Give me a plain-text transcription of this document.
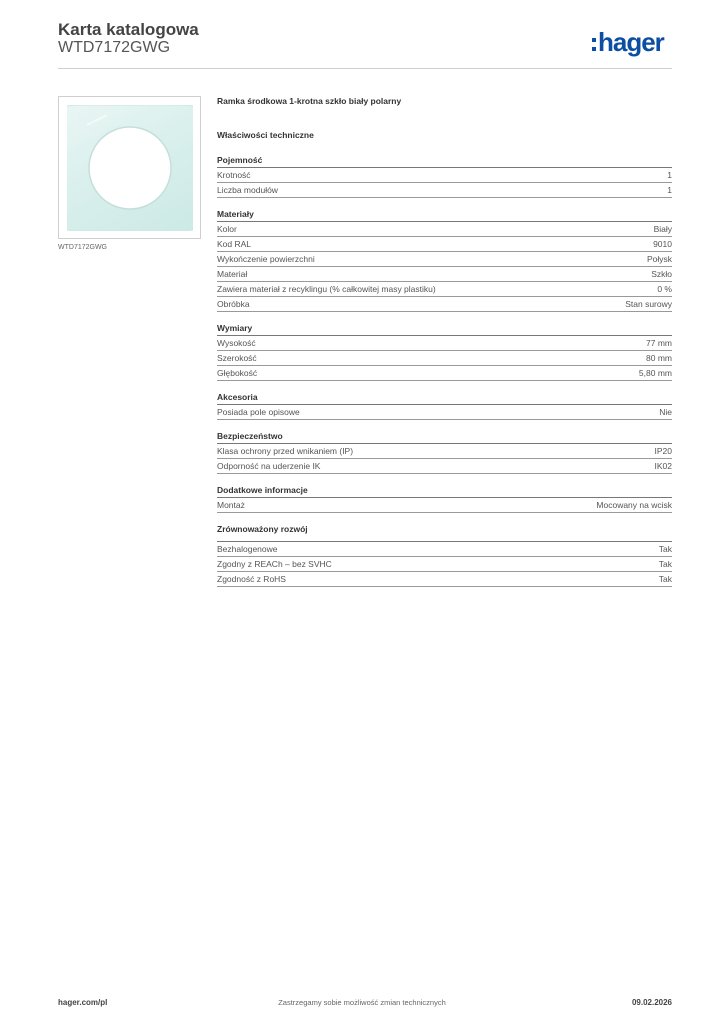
Karta katalogowa
WTD7172GWG	hager
WTD7172GWG
Ramka środkowa 1-krotna szkło biały polarny
Właściwości techniczne
Pojemność
Krotność	1
Liczba modułów	1
Materiały
Kolor	Biały
Kod RAL	9010
Wykończenie powierzchni	Połysk
Materiał	Szkło
Zawiera materiał z recyklingu (% całkowitej masy plastiku)	0 %
Obróbka	Stan surowy
Wymiary
Wysokość	77 mm
Szerokość	80 mm
Głębokość	5,80 mm
Akcesoria
Posiada pole opisowe	Nie
Bezpieczeństwo
Klasa ochrony przed wnikaniem (IP)	IP20
Odporność na uderzenie IK	IK02
Dodatkowe informacje
Montaż	Mocowany na wcisk
Zrównoważony rozwój
Bezhalogenowe	Tak
Zgodny z REACh – bez SVHC	Tak
Zgodność z RoHS	Tak
Zastrzegamy sobie możliwość zmian technicznych
hager.com/pl	09.02.2026
